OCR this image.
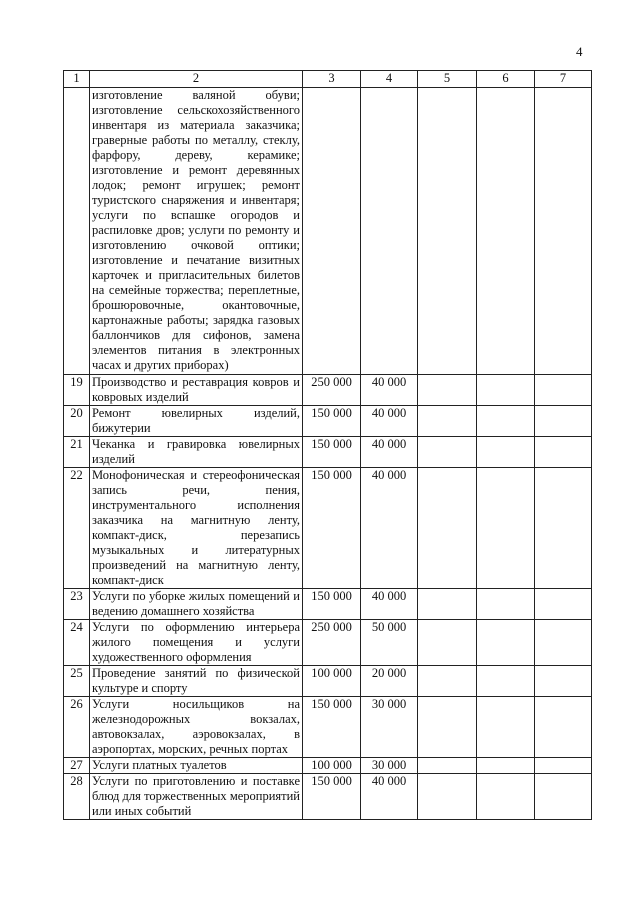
4
1	2	3	4	5	6	7
	изготовление валяной обуви; изготовление сельскохозяйственного инвентаря из материала заказчика; граверные работы по металлу, стеклу, фарфору, дереву, керамике; изготовление и ремонт деревянных лодок; ремонт игрушек; ремонт туристского снаряжения и инвентаря; услуги по вспашке огородов и распиловке дров; услуги по ремонту и изготовлению очковой оптики; изготовление и печатание визитных карточек и пригласительных билетов на семейные торжества; переплетные, брошюровочные, окантовочные, картонажные работы; зарядка газовых баллончиков для сифонов, замена элементов питания в электронных часах и других приборах)					
19	Производство и реставрация ковров и ковровых изделий	250 000	40 000			
20	Ремонт ювелирных изделий, бижутерии	150 000	40 000			
21	Чеканка и гравировка ювелирных изделий	150 000	40 000			
22	Монофоническая и стереофоническая запись речи, пения, инструментального исполнения заказчика на магнитную ленту, компакт-диск, перезапись музыкальных и литературных произведений на магнитную ленту, компакт-диск	150 000	40 000			
23	Услуги по уборке жилых помещений и ведению домашнего хозяйства	150 000	40 000			
24	Услуги по оформлению интерьера жилого помещения и услуги художественного оформления	250 000	50 000			
25	Проведение занятий по физической культуре и спорту	100 000	20 000			
26	Услуги носильщиков на железнодорожных вокзалах, автовокзалах, аэровокзалах, в аэропортах, морских, речных портах	150 000	30 000			
27	Услуги платных туалетов	100 000	30 000			
28	Услуги по приготовлению и поставке блюд для торжественных мероприятий или иных событий	150 000	40 000			
